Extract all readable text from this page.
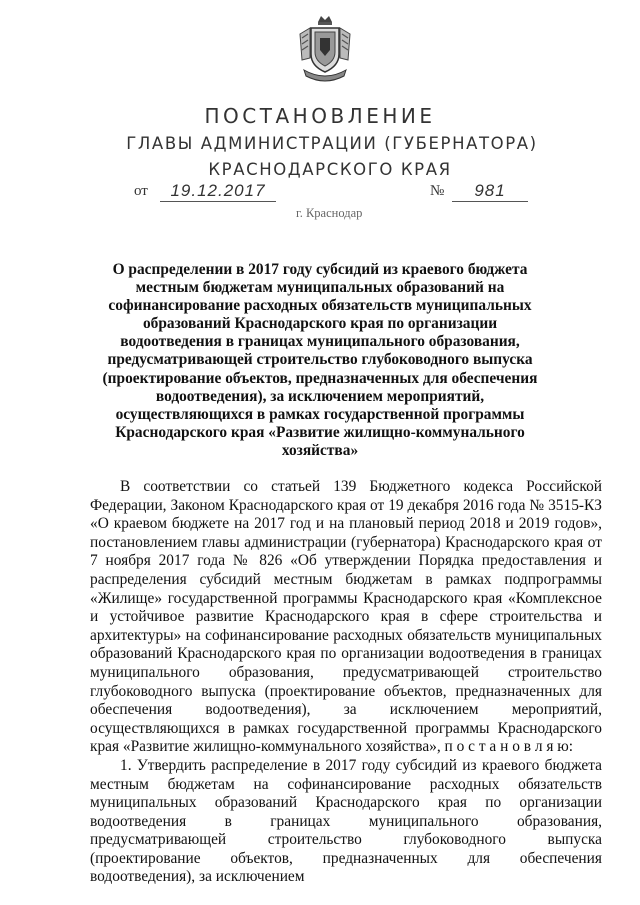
ПОСТАНОВЛЕНИЕ
ГЛАВЫ АДМИНИСТРАЦИИ (ГУБЕРНАТОРА)
КРАСНОДАРСКОГО КРАЯ
от	19.12.2017	№	981
г. Краснодар
О распределении в 2017 году субсидий из краевого бюджета местным бюджетам муниципальных образований на софинансирование расходных обязательств муниципальных образований Краснодарского края по организации водоотведения в границах муниципального образования, предусматривающей строительство глубоководного выпуска (проектирование объектов, предназначенных для обеспечения водоотведения), за исключением мероприятий, осуществляющихся в рамках государственной программы Краснодарского края «Развитие жилищно-коммунального хозяйства»

В соответствии со статьей 139 Бюджетного кодекса Российской Федерации, Законом Краснодарского края от 19 декабря 2016 года № 3515-КЗ «О краевом бюджете на 2017 год и на плановый период 2018 и 2019 годов», постановлением главы администрации (губернатора) Краснодарского края от 7 ноября 2017 года № 826 «Об утверждении Порядка предоставления и распределения субсидий местным бюджетам в рамках подпрограммы «Жилище» государственной программы Краснодарского края «Комплексное и устойчивое развитие Краснодарского края в сфере строительства и архитектуры» на софинансирование расходных обязательств муниципальных образований Краснодарского края по организации водоотведения в границах муниципального образования, предусматривающей строительство глубоководного выпуска (проектирование объектов, предназначенных для обеспечения водоотведения), за исключением мероприятий, осуществляющихся в рамках государственной программы Краснодарского края «Развитие жилищно-коммунального хозяйства», п о с т а н о в л я ю:

1. Утвердить распределение в 2017 году субсидий из краевого бюджета местным бюджетам на софинансирование расходных обязательств муниципальных образований Краснодарского края по организации водоотведения в границах муниципального образования, предусматривающей строительство глубоководного выпуска (проектирование объектов, предназначенных для обеспечения водоотведения), за исключением
